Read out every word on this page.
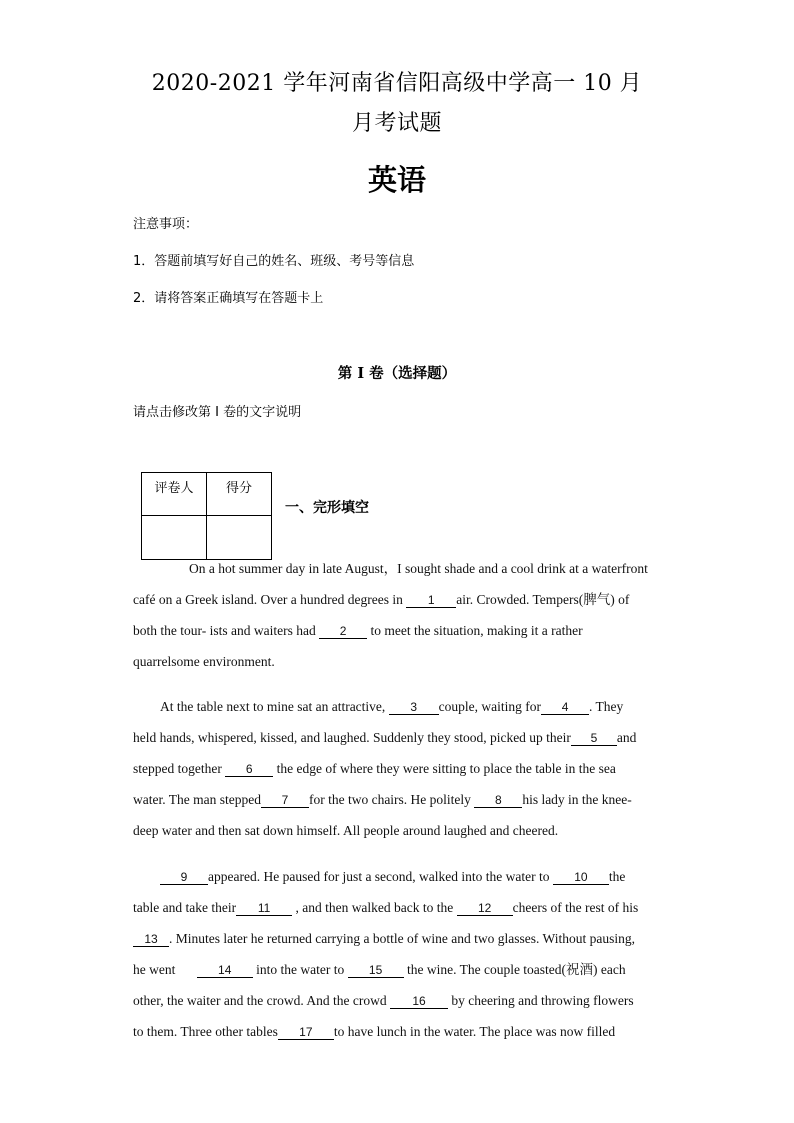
2020-2021 学年河南省信阳高级中学高一 10 月
月考试题
英语
注意事项：
1．答题前填写好自己的姓名、班级、考号等信息
2．请将答案正确填写在答题卡上
第 I 卷（选择题）
请点击修改第 I 卷的文字说明
评卷人	得分

一、完形填空
On a hot summer day in late August，I sought shade and a cool drink at a waterfront
café on a Greek island. Over a hundred degrees in 1 air. Crowded. Tempers(脾气) of
both the tour- ists and waiters had 2 to meet the situation, making it a rather
quarrelsome environment.
At the table next to mine sat an attractive, 3 couple, waiting for 4 . They
held hands, whispered, kissed, and laughed. Suddenly they stood, picked up their 5 and
stepped together 6 the edge of where they were sitting to place the table in the sea
water. The man stepped 7 for the two chairs. He politely 8 his lady in the knee-
deep water and then sat down himself. All people around laughed and cheered.
9 appeared. He paused for just a second, walked into the water to 10 the
table and take their 11 , and then walked back to the 12 cheers of the rest of his
13 . Minutes later he returned carrying a bottle of wine and two glasses. Without pausing,
he went	14 into the water to 15 the wine. The couple toasted(祝酒) each
other, the waiter and the crowd. And the crowd 16 by cheering and throwing flowers
to them. Three other tables 17 to have lunch in the water. The place was now filled
